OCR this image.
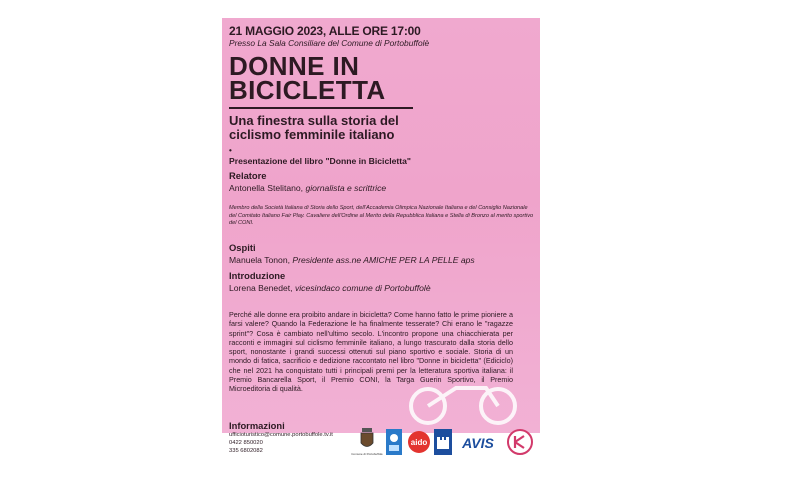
21 MAGGIO 2023, ALLE ORE 17:00
Presso La Sala Consiliare del Comune di Portobuffolè
DONNE IN
BICICLETTA
Una finestra sulla storia del
ciclismo femminile italiano
•
Presentazione del libro "Donne in Bicicletta"
Relatore
Antonella Stelitano, giornalista e scrittrice
Membro della Società Italiana di Storia dello Sport, dell'Accademia Olimpica Nazionale Italiana e del Consiglio Nazionale del Comitato Italiano Fair Play. Cavaliere dell'Ordine al Merito della Repubblica Italiana e Stella di Bronzo al merito sportivo del CONI.
Ospiti
Manuela Tonon, Presidente ass.ne AMICHE PER LA PELLE aps
Introduzione
Lorena Benedet, vicesindaco comune di Portobuffolè
Perché alle donne era proibito andare in bicicletta? Come hanno fatto le prime pioniere a farsi valere? Quando la Federazione le ha finalmente tesserate? Chi erano le "ragazze sprint"? Cosa è cambiato nell'ultimo secolo. L'incontro propone una chiacchierata per racconti e immagini sul ciclismo femminile italiano, a lungo trascurato dalla storia dello sport, nonostante i grandi successi ottenuti sul piano sportivo e sociale. Storia di un mondo di fatica, sacrificio e dedizione raccontato nel libro "Donne in bicicletta" (Ediciclo) che nel 2021 ha conquistato tutti i principali premi per la letteratura sportiva italiana: il Premio Bancarella Sport, il Premio CONI, la Targa Guerin Sportivo, il Premio Microeditoria di qualità.
Informazioni
ufficioturistico@comune.portobuffole.tv.it
0422 850020
335 6802082	Comune di Portobuffolè
aido AVIS
